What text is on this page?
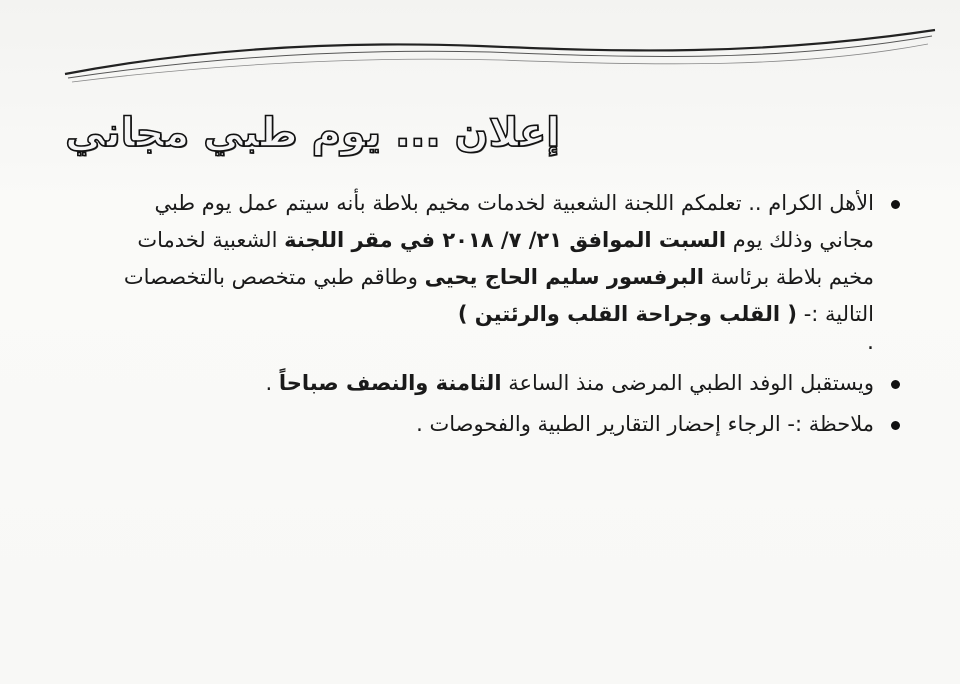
إعلان ... يوم طبي مجاني
الأهل الكرام .. تعلمكم اللجنة الشعبية لخدمات مخيم بلاطة بأنه سيتم عمل يوم طبي مجاني وذلك يوم السبت الموافق ٢١/ ٧/ ٢٠١٨ في مقر اللجنة الشعبية لخدمات مخيم بلاطة برئاسة البرفسور سليم الحاج يحيى وطاقم طبي متخصص بالتخصصات التالية :- ( القلب وجراحة القلب والرئتين )
.
ويستقبل الوفد الطبي المرضى منذ الساعة الثامنة والنصف صباحاً .
ملاحظة :- الرجاء إحضار التقارير الطبية والفحوصات .
